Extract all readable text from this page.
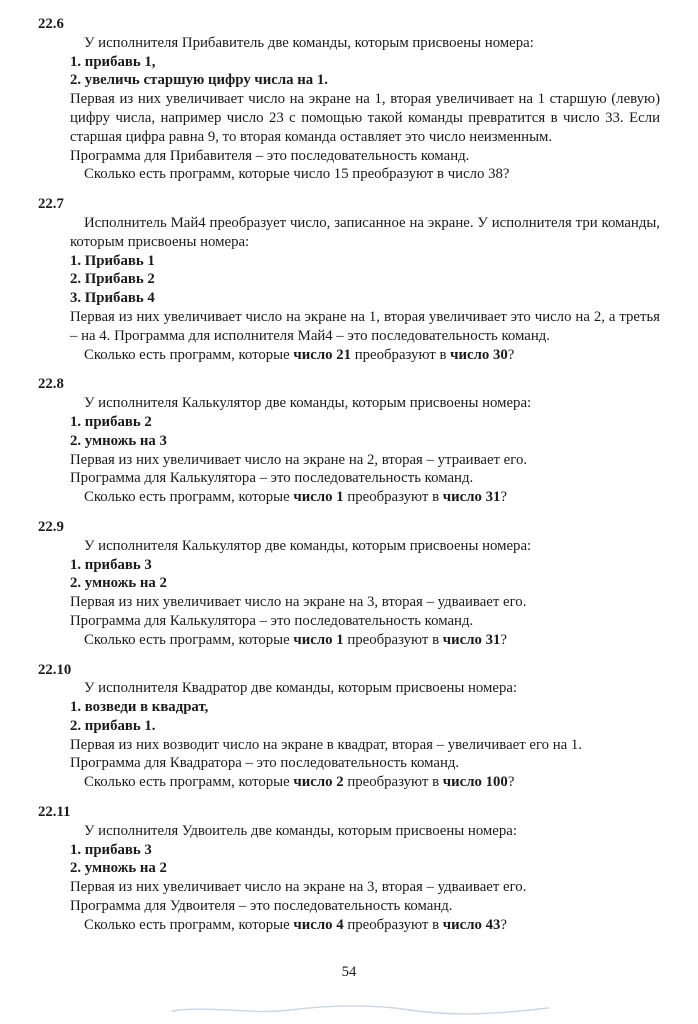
22.6

У исполнителя Прибавитель две команды, которым присвоены номера:

1. прибавь 1,

2. увеличь старшую цифру числа на 1.

Первая из них увеличивает число на экране на 1, вторая увеличивает на 1 старшую (левую) цифру числа, например число 23 с помощью такой команды превратится в число 33. Если старшая цифра равна 9, то вторая команда оставляет это число неизменным.

Программа для Прибавителя – это последовательность команд.

Сколько есть программ, которые число 15 преобразуют в число 38?

22.7

Исполнитель Май4 преобразует число, записанное на экране. У исполнителя три команды, которым присвоены номера:

1. Прибавь 1

2. Прибавь 2

3. Прибавь 4

Первая из них увеличивает число на экране на 1, вторая увеличивает это число на 2, а третья – на 4. Программа для исполнителя Май4 – это последовательность команд.

Сколько есть программ, которые число 21 преобразуют в число 30?

22.8

У исполнителя Калькулятор две команды, которым присвоены номера:

1. прибавь 2

2. умножь на 3

Первая из них увеличивает число на экране на 2, вторая – утраивает его.

Программа для Калькулятора – это последовательность команд.

Сколько есть программ, которые число 1 преобразуют в число 31?

22.9

У исполнителя Калькулятор две команды, которым присвоены номера:

1. прибавь 3

2. умножь на 2

Первая из них увеличивает число на экране на 3, вторая – удваивает его.

Программа для Калькулятора – это последовательность команд.

Сколько есть программ, которые число 1 преобразуют в число 31?

22.10

У исполнителя Квадратор две команды, которым присвоены номера:

1. возведи в квадрат,

2. прибавь 1.

Первая из них возводит число на экране в квадрат, вторая – увеличивает его на 1.

Программа для Квадратора – это последовательность команд.

Сколько есть программ, которые число 2 преобразуют в число 100?

22.11

У исполнителя Удвоитель две команды, которым присвоены номера:

1. прибавь 3

2. умножь на 2

Первая из них увеличивает число на экране на 3, вторая – удваивает его.

Программа для Удвоителя – это последовательность команд.

Сколько есть программ, которые число 4 преобразуют в число 43?

54
